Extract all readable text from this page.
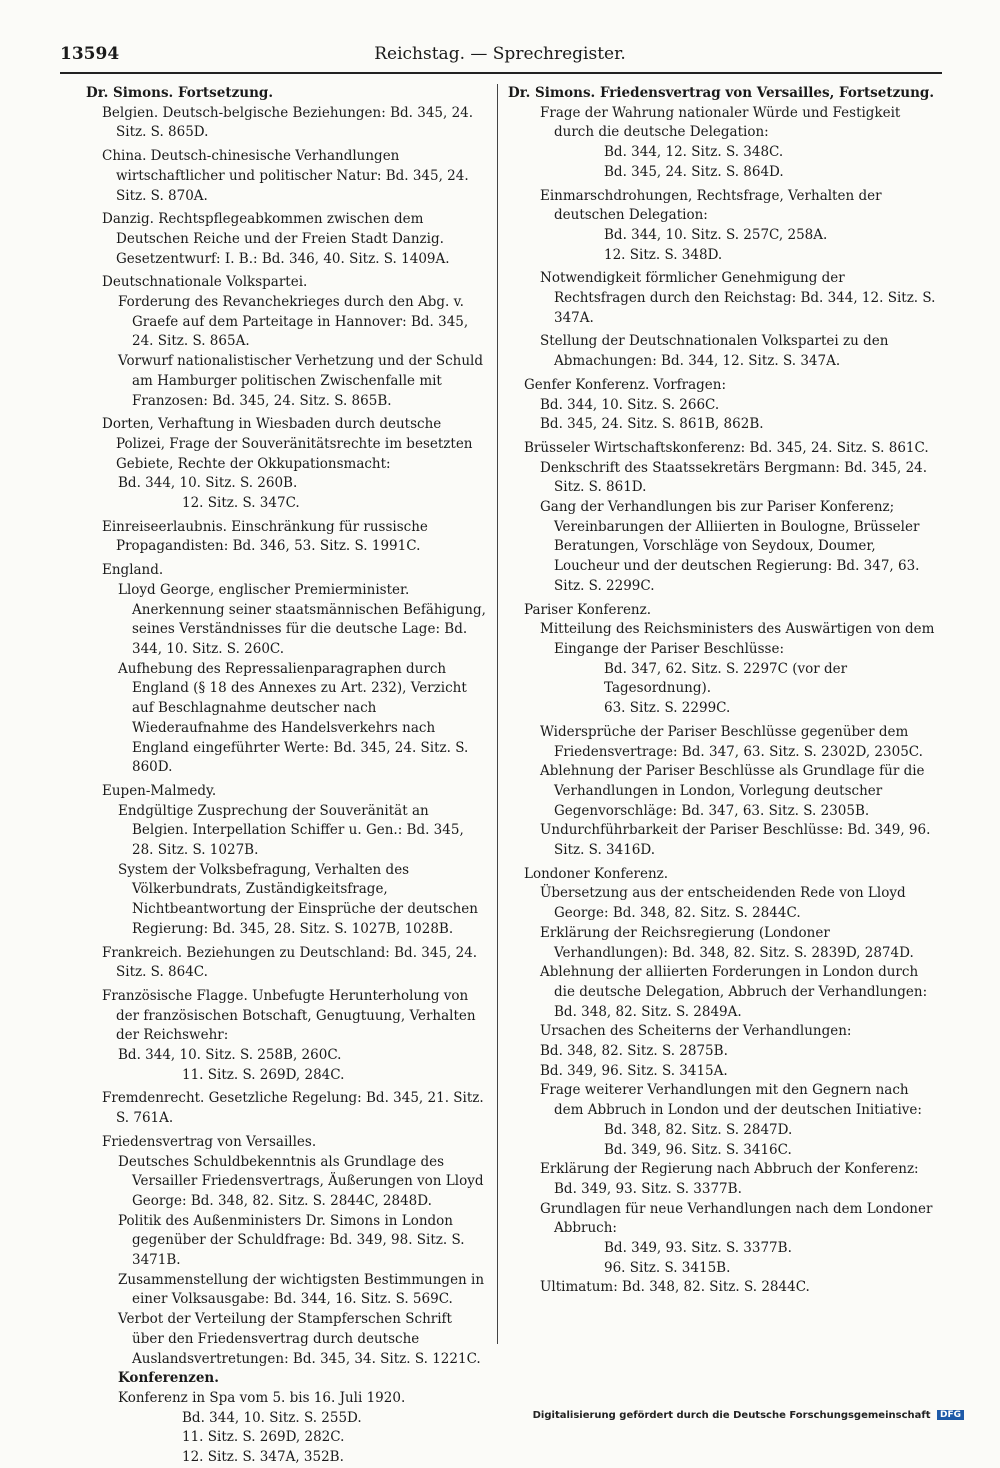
13594	Reichstag. — Sprechregister.
Dr. Simons. Fortsetzung.
Belgien. Deutsch-belgische Beziehungen: Bd. 345, 24. Sitz. S. 865D.
China. Deutsch-chinesische Verhandlungen wirtschaftlicher und politischer Natur: Bd. 345, 24. Sitz. S. 870A.
Danzig. Rechtspflegeabkommen zwischen dem Deutschen Reiche und der Freien Stadt Danzig. Gesetzentwurf: I. B.: Bd. 346, 40. Sitz. S. 1409A.
Deutschnationale Volkspartei.
Forderung des Revanchekrieges durch den Abg. v. Graefe auf dem Parteitage in Hannover: Bd. 345, 24. Sitz. S. 865A.
Vorwurf nationalistischer Verhetzung und der Schuld am Hamburger politischen Zwischenfalle mit Franzosen: Bd. 345, 24. Sitz. S. 865B.
Dorten, Verhaftung in Wiesbaden durch deutsche Polizei, Frage der Souveränitätsrechte im besetzten Gebiete, Rechte der Okkupationsmacht:
Bd. 344, 10. Sitz. S. 260B.
12. Sitz. S. 347C.
Einreiseerlaubnis. Einschränkung für russische Propagandisten: Bd. 346, 53. Sitz. S. 1991C.
England.
Lloyd George, englischer Premierminister. Anerkennung seiner staatsmännischen Befähigung, seines Verständnisses für die deutsche Lage: Bd. 344, 10. Sitz. S. 260C.
Aufhebung des Repressalienparagraphen durch England (§ 18 des Annexes zu Art. 232), Verzicht auf Beschlagnahme deutscher nach Wiederaufnahme des Handelsverkehrs nach England eingeführter Werte: Bd. 345, 24. Sitz. S. 860D.
Eupen-Malmedy.
Endgültige Zusprechung der Souveränität an Belgien. Interpellation Schiffer u. Gen.: Bd. 345, 28. Sitz. S. 1027B.
System der Volksbefragung, Verhalten des Völkerbundrats, Zuständigkeitsfrage, Nichtbeantwortung der Einsprüche der deutschen Regierung: Bd. 345, 28. Sitz. S. 1027B, 1028B.
Frankreich. Beziehungen zu Deutschland: Bd. 345, 24. Sitz. S. 864C.
Französische Flagge. Unbefugte Herunterholung von der französischen Botschaft, Genugtuung, Verhalten der Reichswehr:
Bd. 344, 10. Sitz. S. 258B, 260C.
11. Sitz. S. 269D, 284C.
Fremdenrecht. Gesetzliche Regelung: Bd. 345, 21. Sitz. S. 761A.
Friedensvertrag von Versailles.
Deutsches Schuldbekenntnis als Grundlage des Versailler Friedensvertrags, Äußerungen von Lloyd George: Bd. 348, 82. Sitz. S. 2844C, 2848D.
Politik des Außenministers Dr. Simons in London gegenüber der Schuldfrage: Bd. 349, 98. Sitz. S. 3471B.
Zusammenstellung der wichtigsten Bestimmungen in einer Volksausgabe: Bd. 344, 16. Sitz. S. 569C.
Verbot der Verteilung der Stampferschen Schrift über den Friedensvertrag durch deutsche Auslandsvertretungen: Bd. 345, 34. Sitz. S. 1221C.
Konferenzen.
Konferenz in Spa vom 5. bis 16. Juli 1920.
Bd. 344, 10. Sitz. S. 255D.
11. Sitz. S. 269D, 282C.
12. Sitz. S. 347A, 352B.
Dr. Simons. Friedensvertrag von Versailles, Fortsetzung.
Frage der Wahrung nationaler Würde und Festigkeit durch die deutsche Delegation:
Bd. 344, 12. Sitz. S. 348C.
Bd. 345, 24. Sitz. S. 864D.
Einmarschdrohungen, Rechtsfrage, Verhalten der deutschen Delegation:
Bd. 344, 10. Sitz. S. 257C, 258A.
12. Sitz. S. 348D.
Notwendigkeit förmlicher Genehmigung der Rechtsfragen durch den Reichstag: Bd. 344, 12. Sitz. S. 347A.
Stellung der Deutschnationalen Volkspartei zu den Abmachungen: Bd. 344, 12. Sitz. S. 347A.
Genfer Konferenz. Vorfragen:
Bd. 344, 10. Sitz. S. 266C.
Bd. 345, 24. Sitz. S. 861B, 862B.
Brüsseler Wirtschaftskonferenz: Bd. 345, 24. Sitz. S. 861C.
Denkschrift des Staatssekretärs Bergmann: Bd. 345, 24. Sitz. S. 861D.
Gang der Verhandlungen bis zur Pariser Konferenz; Vereinbarungen der Alliierten in Boulogne, Brüsseler Beratungen, Vorschläge von Seydoux, Doumer, Loucheur und der deutschen Regierung: Bd. 347, 63. Sitz. S. 2299C.
Pariser Konferenz.
Mitteilung des Reichsministers des Auswärtigen von dem Eingange der Pariser Beschlüsse:
Bd. 347, 62. Sitz. S. 2297C (vor der Tagesordnung).
63. Sitz. S. 2299C.
Widersprüche der Pariser Beschlüsse gegenüber dem Friedensvertrage: Bd. 347, 63. Sitz. S. 2302D, 2305C.
Ablehnung der Pariser Beschlüsse als Grundlage für die Verhandlungen in London, Vorlegung deutscher Gegenvorschläge: Bd. 347, 63. Sitz. S. 2305B.
Undurchführbarkeit der Pariser Beschlüsse: Bd. 349, 96. Sitz. S. 3416D.
Londoner Konferenz.
Übersetzung aus der entscheidenden Rede von Lloyd George: Bd. 348, 82. Sitz. S. 2844C.
Erklärung der Reichsregierung (Londoner Verhandlungen): Bd. 348, 82. Sitz. S. 2839D, 2874D.
Ablehnung der alliierten Forderungen in London durch die deutsche Delegation, Abbruch der Verhandlungen: Bd. 348, 82. Sitz. S. 2849A.
Ursachen des Scheiterns der Verhandlungen:
Bd. 348, 82. Sitz. S. 2875B.
Bd. 349, 96. Sitz. S. 3415A.
Frage weiterer Verhandlungen mit den Gegnern nach dem Abbruch in London und der deutschen Initiative:
Bd. 348, 82. Sitz. S. 2847D.
Bd. 349, 96. Sitz. S. 3416C.
Erklärung der Regierung nach Abbruch der Konferenz: Bd. 349, 93. Sitz. S. 3377B.
Grundlagen für neue Verhandlungen nach dem Londoner Abbruch:
Bd. 349, 93. Sitz. S. 3377B.
96. Sitz. S. 3415B.
Ultimatum: Bd. 348, 82. Sitz. S. 2844C.
Digitalisierung gefördert durch die Deutsche Forschungsgemeinschaft DFG
